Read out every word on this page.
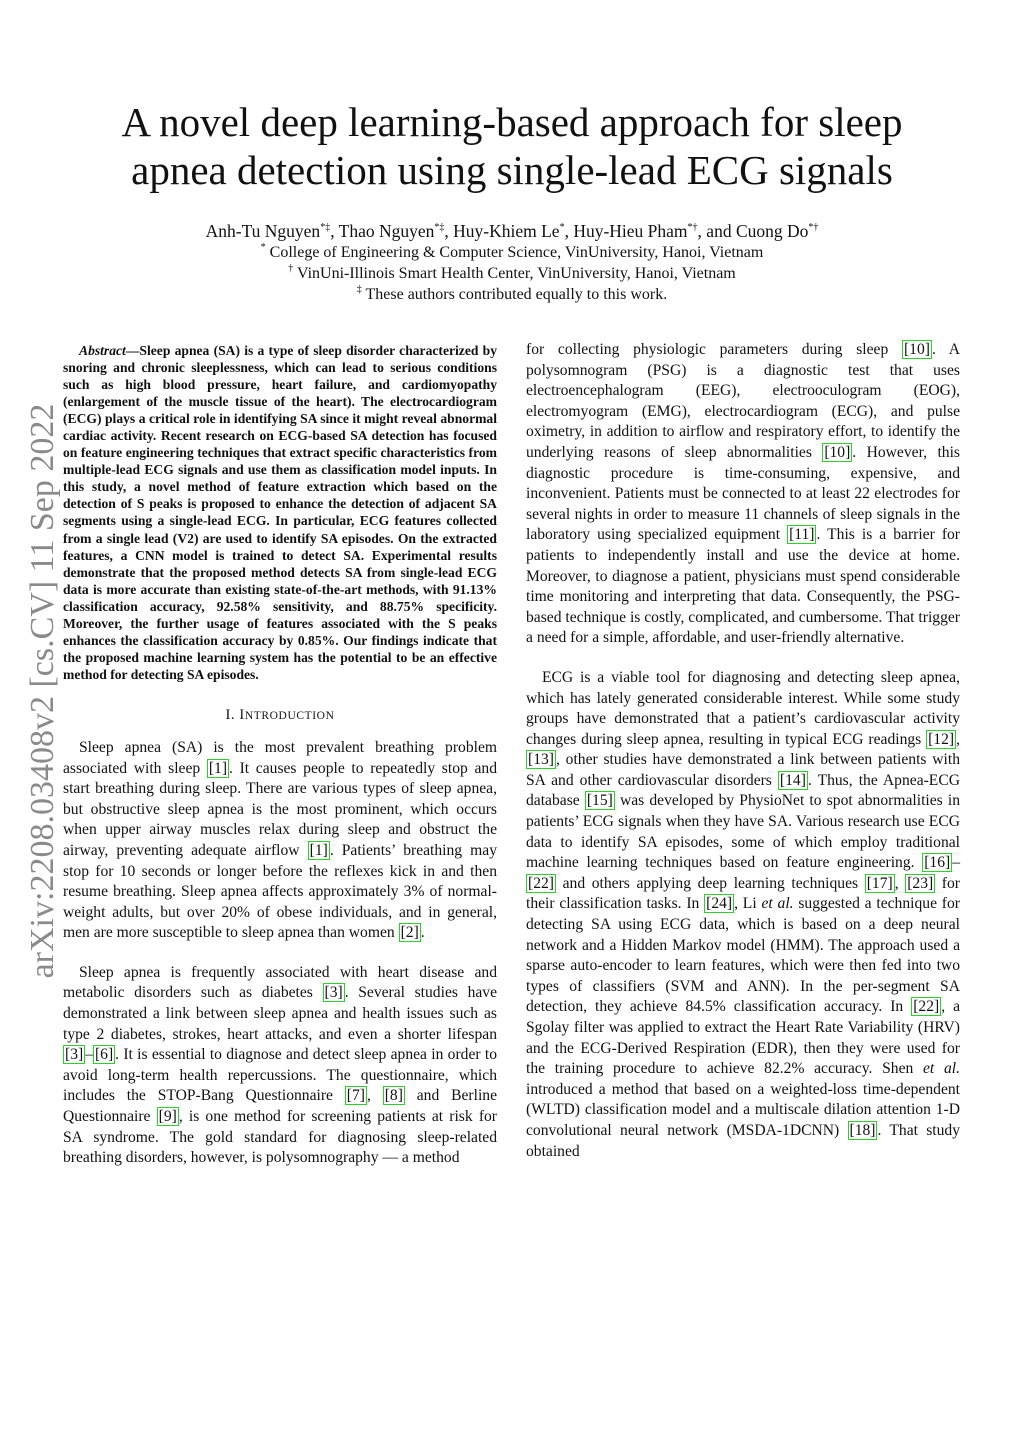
A novel deep learning-based approach for sleep apnea detection using single-lead ECG signals
Anh-Tu Nguyen*‡, Thao Nguyen*‡, Huy-Khiem Le*, Huy-Hieu Pham*†, and Cuong Do*†
* College of Engineering & Computer Science, VinUniversity, Hanoi, Vietnam
† VinUni-Illinois Smart Health Center, VinUniversity, Hanoi, Vietnam
‡ These authors contributed equally to this work.
arXiv:2208.03408v2 [cs.CV] 11 Sep 2022

Abstract—Sleep apnea (SA) is a type of sleep disorder characterized by snoring and chronic sleeplessness, which can lead to serious conditions such as high blood pressure, heart failure, and cardiomyopathy (enlargement of the muscle tissue of the heart). The electrocardiogram (ECG) plays a critical role in identifying SA since it might reveal abnormal cardiac activity. Recent research on ECG-based SA detection has focused on feature engineering techniques that extract specific characteristics from multiple-lead ECG signals and use them as classification model inputs. In this study, a novel method of feature extraction which based on the detection of S peaks is proposed to enhance the detection of adjacent SA segments using a single-lead ECG. In particular, ECG features collected from a single lead (V2) are used to identify SA episodes. On the extracted features, a CNN model is trained to detect SA. Experimental results demonstrate that the proposed method detects SA from single-lead ECG data is more accurate than existing state-of-the-art methods, with 91.13% classification accuracy, 92.58% sensitivity, and 88.75% specificity. Moreover, the further usage of features associated with the S peaks enhances the classification accuracy by 0.85%. Our findings indicate that the proposed machine learning system has the potential to be an effective method for detecting SA episodes.

I. INTRODUCTION

Sleep apnea (SA) is the most prevalent breathing problem associated with sleep [1] . It causes people to repeatedly stop and start breathing during sleep. There are various types of sleep apnea, but obstructive sleep apnea is the most prominent, which occurs when upper airway muscles relax during sleep and obstruct the airway, preventing adequate airflow [1] . Patients’ breathing may stop for 10 seconds or longer before the reflexes kick in and then resume breathing. Sleep apnea affects approximately 3% of normal-weight adults, but over 20% of obese individuals, and in general, men are more susceptible to sleep apnea than women [2] .

Sleep apnea is frequently associated with heart disease and metabolic disorders such as diabetes [3] . Several studies have demonstrated a link between sleep apnea and health issues such as type 2 diabetes, strokes, heart attacks, and even a shorter lifespan [3] – [6] . It is essential to diagnose and detect sleep apnea in order to avoid long-term health repercussions. The questionnaire, which includes the STOP-Bang Questionnaire [7] , [8] and Berline Questionnaire [9] , is one method for screening patients at risk for SA syndrome. The gold standard for diagnosing sleep-related breathing disorders, however, is polysomnography — a method

for collecting physiologic parameters during sleep [10] . A polysomnogram (PSG) is a diagnostic test that uses electroencephalogram (EEG), electrooculogram (EOG), electromyogram (EMG), electrocardiogram (ECG), and pulse oximetry, in addition to airflow and respiratory effort, to identify the underlying reasons of sleep abnormalities [10] . However, this diagnostic procedure is time-consuming, expensive, and inconvenient. Patients must be connected to at least 22 electrodes for several nights in order to measure 11 channels of sleep signals in the laboratory using specialized equipment [11] . This is a barrier for patients to independently install and use the device at home. Moreover, to diagnose a patient, physicians must spend considerable time monitoring and interpreting that data. Consequently, the PSG-based technique is costly, complicated, and cumbersome. That trigger a need for a simple, affordable, and user-friendly alternative.

ECG is a viable tool for diagnosing and detecting sleep apnea, which has lately generated considerable interest. While some study groups have demonstrated that a patient’s cardiovascular activity changes during sleep apnea, resulting in typical ECG readings [12] , [13] , other studies have demonstrated a link between patients with SA and other cardiovascular disorders [14] . Thus, the Apnea-ECG database [15] was developed by PhysioNet to spot abnormalities in patients’ ECG signals when they have SA. Various research use ECG data to identify SA episodes, some of which employ traditional machine learning techniques based on feature engineering. [16] –[22] and others applying deep learning techniques [17] , [23] for their classification tasks. In [24] , Li et al. suggested a technique for detecting SA using ECG data, which is based on a deep neural network and a Hidden Markov model (HMM). The approach used a sparse auto-encoder to learn features, which were then fed into two types of classifiers (SVM and ANN). In the per-segment SA detection, they achieve 84.5% classification accuracy. In [22] , a Sgolay filter was applied to extract the Heart Rate Variability (HRV) and the ECG-Derived Respiration (EDR), then they were used for the training procedure to achieve 82.2% accuracy. Shen et al. introduced a method that based on a weighted-loss time-dependent (WLTD) classification model and a multiscale dilation attention 1-D convolutional neural network (MSDA-1DCNN) [18] . That study obtained
